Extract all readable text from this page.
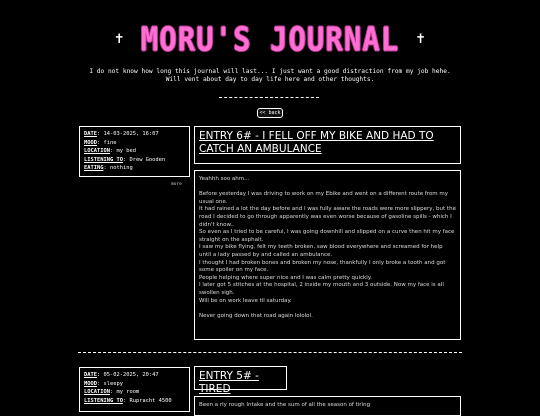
✝ MORU'S JOURNAL ✝
I do not know how long this journal will last... I just want a good distraction from my job hehe.
Will vent about day to day life here and other thoughts.
<< back
DATE: 14-03-2025, 16:07
MOOD: fine
LOCATION: my bed
LISTENING TO: Drew Gooden
EATING: nothing
more
ENTRY 6# - I FELL OFF MY BIKE AND HAD TO CATCH AN AMBULANCE

Yeahhh soo ahm...

Before yesterday I was driving to work on my Ebike and went on a different route from my usual one.

It had rained a lot the day before and I was fully aware the roads were more slippery, but the road I decided to go through apparently was even worse because of gasoline spills - which I didn't know..

So even as I tried to be careful, I was going downhill and slipped on a curve then hit my face straight on the asphalt.

I saw my bike flying, felt my teeth broken, saw blood everywhere and screamed for help until a lady passed by and called an ambulance.

I thought I had broken bones and broken my nose, thankfully I only broke a tooth and got some spoiler on my face.

People helping where super nice and I was calm pretty quickly.

I later got 5 stitches at the hospital, 2 inside my mouth and 3 outside. Now my face is all swollen sigh.

Will be on work leave til saturday.

Never going down that road again lololol.

DATE: 05-02-2025, 20:47
MOOD: sleepy
LOCATION: my room
LISTENING TO: Rupracht 4500
ENTRY 5# - TIRED

Been a rly rough Intake and the sum of all the season of tiring
